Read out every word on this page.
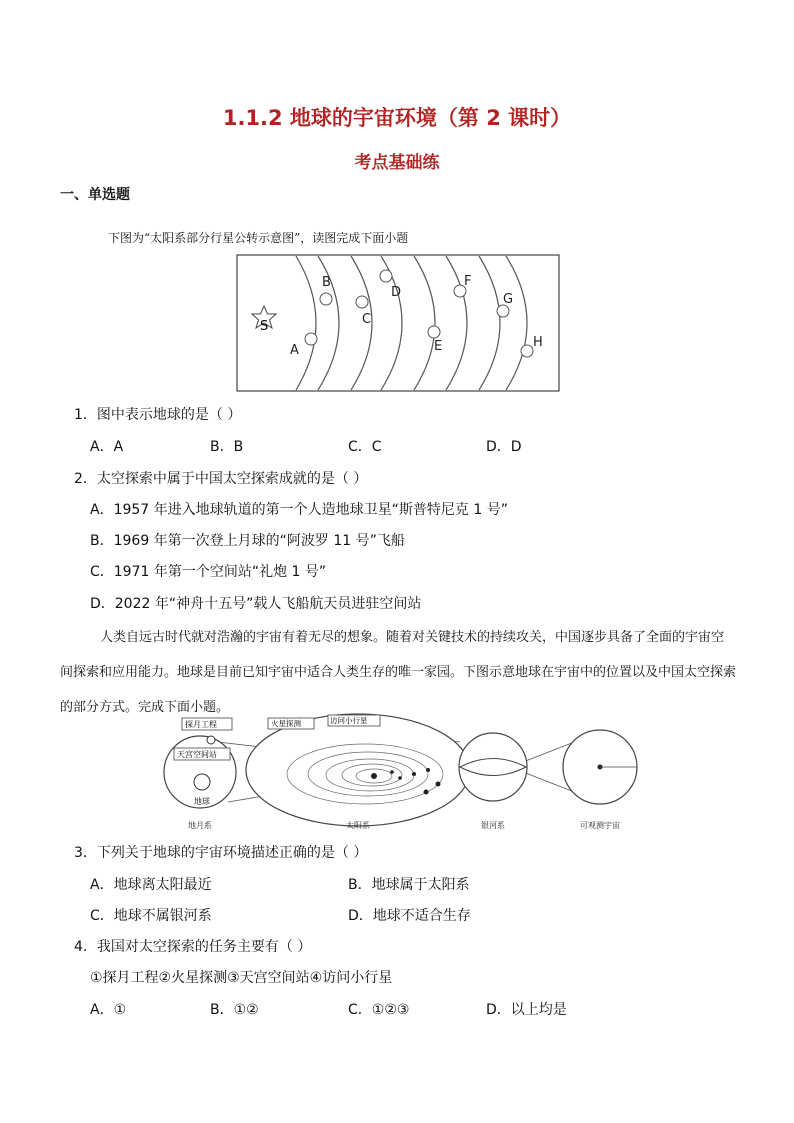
1.1.2 地球的宇宙环境（第 2 课时）
考点基础练
一、单选题
下图为“太阳系部分行星公转示意图”，读图完成下面小题
S
A
B
C
D
E
F
G
H
1．图中表示地球的是（ ）
A．A	B．B	C．C	D．D
2．太空探索中属于中国太空探索成就的是（ ）
A．1957 年进入地球轨道的第一个人造地球卫星“斯普特尼克 1 号”
B．1969 年第一次登上月球的“阿波罗 11 号”飞船
C．1971 年第一个空间站“礼炮 1 号”
D．2022 年“神舟十五号”载人飞船航天员进驻空间站
人类自远古时代就对浩瀚的宇宙有着无尽的想象。随着对关键技术的持续攻关，中国逐步具备了全面的宇宙空间探索和应用能力。地球是目前已知宇宙中适合人类生存的唯一家园。下图示意地球在宇宙中的位置以及中国太空探索的部分方式。完成下面小题。
探月工程
天宫空间站
地球
火星探测	访问小行星
地月系	太阳系	银河系	可观测宇宙
3．下列关于地球的宇宙环境描述正确的是（ ）
A．地球离太阳最近	B．地球属于太阳系
C．地球不属银河系	D．地球不适合生存
4．我国对太空探索的任务主要有（ ）
①探月工程②火星探测③天宫空间站④访问小行星
A．①	B．①②	C．①②③	D．以上均是
